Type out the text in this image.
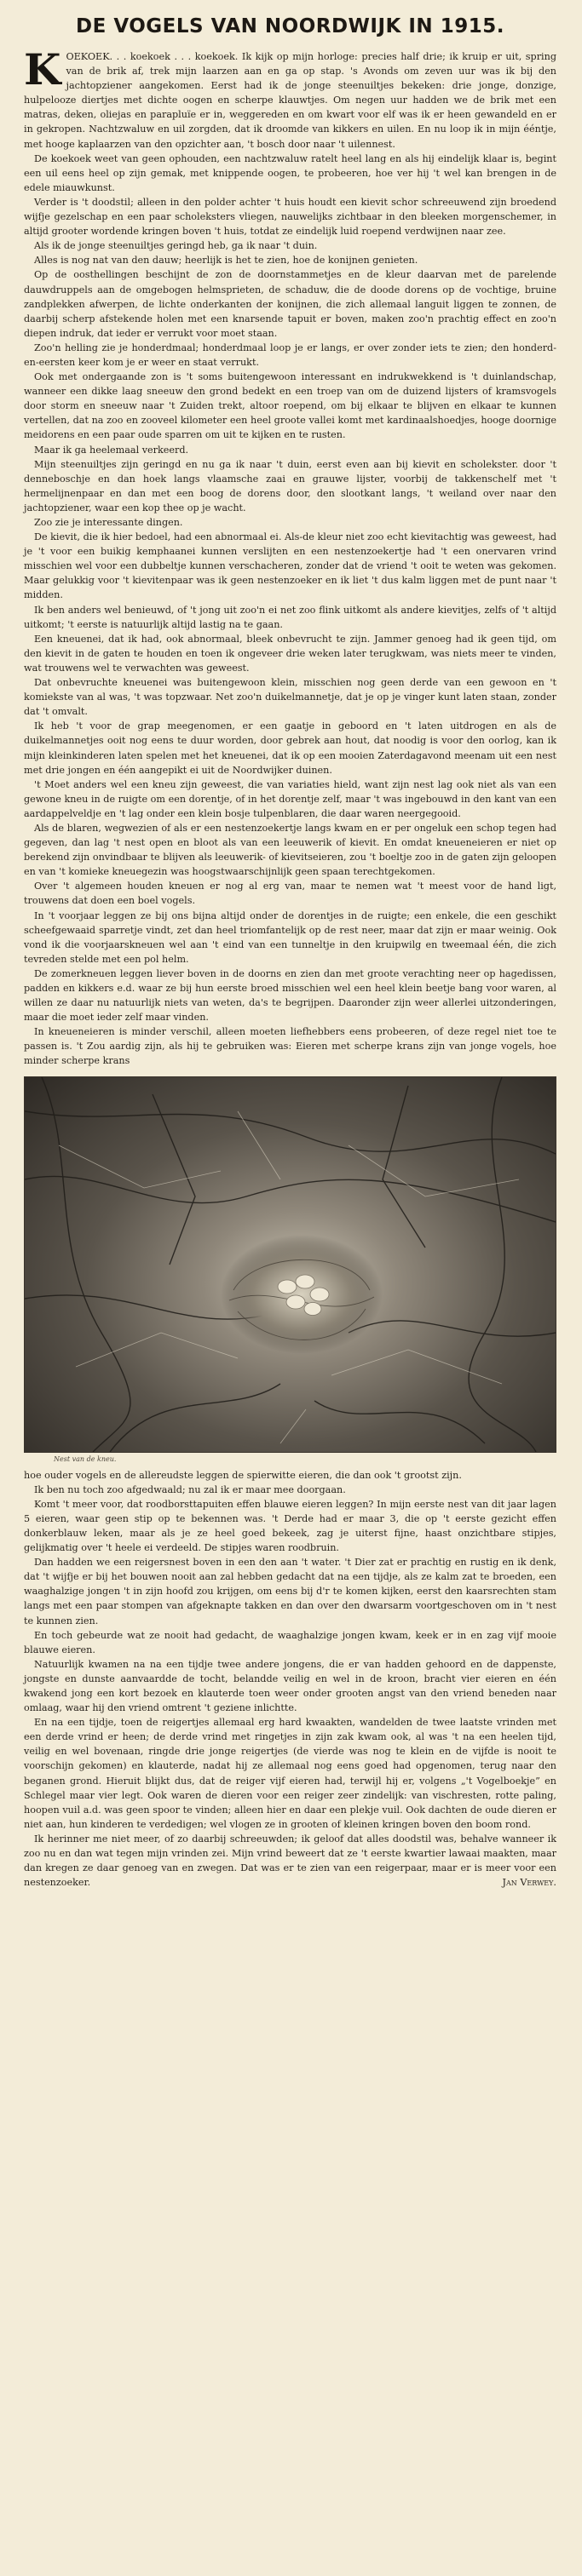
DE VOGELS VAN NOORDWIJK IN 1915.
K OEKOEK. . . koekoek . . . koekoek. Ik kijk op mijn horloge: precies half drie; ik kruip er uit, spring van de brik af, trek mijn laarzen aan en ga op stap. 's Avonds om zeven uur was ik bij den jachtopziener aangekomen. Eerst had ik de jonge steenuiltjes bekeken: drie jonge, donzige, hulpelooze diertjes met dichte oogen en scherpe klauwtjes. Om negen uur hadden we de brik met een matras, deken, oliejas en parapluïe er in, weggereden en om kwart voor elf was ik er heen gewandeld en er in gekropen. Nachtzwaluw en uil zorgden, dat ik droomde van kikkers en uilen. En nu loop ik in mijn ééntje, met hooge kaplaarzen van den opzichter aan, 't bosch door naar 't uilennest.

De koekoek weet van geen ophouden, een nachtzwaluw ratelt heel lang en als hij eindelijk klaar is, begint een uil eens heel op zijn gemak, met knippende oogen, te probeeren, hoe ver hij 't wel kan brengen in de edele miauwkunst.

Verder is 't doodstil; alleen in den polder achter 't huis houdt een kievit schor schreeuwend zijn broedend wijfje gezelschap en een paar scholeksters vliegen, nauwelijks zichtbaar in den bleeken morgenschemer, in altijd grooter wordende kringen boven 't huis, totdat ze eindelijk luid roepend verdwijnen naar zee.

Als ik de jonge steenuiltjes geringd heb, ga ik naar 't duin.

Alles is nog nat van den dauw; heerlijk is het te zien, hoe de konijnen genieten.

Op de oosthellingen beschijnt de zon de doornstammetjes en de kleur daarvan met de parelende dauwdruppels aan de omgebogen helmsprieten, de schaduw, die de doode dorens op de vochtige, bruine zandplekken afwerpen, de lichte onderkanten der konijnen, die zich allemaal languit liggen te zonnen, de daarbij scherp afstekende holen met een knarsende tapuit er boven, maken zoo'n prachtig effect en zoo'n diepen indruk, dat ieder er verrukt voor moet staan.

Zoo'n helling zie je honderdmaal; honderdmaal loop je er langs, er over zonder iets te zien; den honderd-en-eersten keer kom je er weer en staat verrukt.

Ook met ondergaande zon is 't soms buitengewoon interessant en indrukwekkend is 't duinlandschap, wanneer een dikke laag sneeuw den grond bedekt en een troep van om de duizend lijsters of kramsvogels door storm en sneeuw naar 't Zuiden trekt, altoor roepend, om bij elkaar te blijven en elkaar te kunnen vertellen, dat na zoo en zooveel kilometer een heel groote vallei komt met kardinaalshoedjes, hooge doornige meidorens en een paar oude sparren om uit te kijken en te rusten.

Maar ik ga heelemaal verkeerd.

Mijn steenuiltjes zijn geringd en nu ga ik naar 't duin, eerst even aan bij kievit en scholekster. door 't denneboschje en dan hoek langs vlaamsche zaai en grauwe lijster, voorbij de takkenschelf met 't hermelijnenpaar en dan met een boog de dorens door, den slootkant langs, 't weiland over naar den jachtopziener, waar een kop thee op je wacht.

Zoo zie je interessante dingen.

De kievit, die ik hier bedoel, had een abnormaal ei. Als-de kleur niet zoo echt kievitachtig was geweest, had je 't voor een buikig kemphaanei kunnen verslijten en een nestenzoekertje had 't een onervaren vrind misschien wel voor een dubbeltje kunnen verschacheren, zonder dat de vriend 't ooit te weten was gekomen. Maar gelukkig voor 't kievitenpaar was ik geen nestenzoeker en ik liet 't dus kalm liggen met de punt naar 't midden.

Ik ben anders wel benieuwd, of 't jong uit zoo'n ei net zoo flink uitkomt als andere kievitjes, zelfs of 't altijd uitkomt; 't eerste is natuurlijk altijd lastig na te gaan.

Een kneuenei, dat ik had, ook abnormaal, bleek onbevrucht te zijn. Jammer genoeg had ik geen tijd, om den kievit in de gaten te houden en toen ik ongeveer drie weken later terugkwam, was niets meer te vinden, wat trouwens wel te verwachten was geweest.

Dat onbevruchte kneuenei was buitengewoon klein, misschien nog geen derde van een gewoon en 't komiekste van al was, 't was topzwaar. Net zoo'n duikelmannetje, dat je op je vinger kunt laten staan, zonder dat 't omvalt.

Ik heb 't voor de grap meegenomen, er een gaatje in geboord en 't laten uitdrogen en als de duikelmannetjes ooit nog eens te duur worden, door gebrek aan hout, dat noodig is voor den oorlog, kan ik mijn kleinkinderen laten spelen met het kneuenei, dat ik op een mooien Zaterdagavond meenam uit een nest met drie jongen en één aangepikt ei uit de Noordwijker duinen.

't Moet anders wel een kneu zijn geweest, die van variaties hield, want zijn nest lag ook niet als van een gewone kneu in de ruigte om een dorentje, of in het dorentje zelf, maar 't was ingebouwd in den kant van een aardappelveldje en 't lag onder een klein bosje tulpenblaren, die daar waren neergegooid.

Als de blaren, wegwezien of als er een nestenzoekertje langs kwam en er per ongeluk een schop tegen had gegeven, dan lag 't nest open en bloot als van een leeuwerik of kievit. En omdat kneueneieren er niet op berekend zijn onvindbaar te blijven als leeuwerik- of kievitseieren, zou 't boeltje zoo in de gaten zijn geloopen en van 't komieke kneuegezin was hoogstwaarschijnlijk geen spaan terechtgekomen.

Over 't algemeen houden kneuen er nog al erg van, maar te nemen wat 't meest voor de hand ligt, trouwens dat doen een boel vogels.

In 't voorjaar leggen ze bij ons bijna altijd onder de dorentjes in de ruigte; een enkele, die een geschikt scheefgewaaid sparretje vindt, zet dan heel triomfantelijk op de rest neer, maar dat zijn er maar weinig. Ook vond ik die voorjaarskneuen wel aan 't eind van een tunneltje in den kruipwilg en tweemaal één, die zich tevreden stelde met een pol helm.

De zomerkneuen leggen liever boven in de doorns en zien dan met groote verachting neer op hagedissen, padden en kikkers e.d. waar ze bij hun eerste broed misschien wel een heel klein beetje bang voor waren, al willen ze daar nu natuurlijk niets van weten, da's te begrijpen. Daaronder zijn weer allerlei uitzonderingen, maar die moet ieder zelf maar vinden.

In kneueneieren is minder verschil, alleen moeten liefhebbers eens probeeren, of deze regel niet toe te passen is. 't Zou aardig zijn, als hij te gebruiken was: Eieren met scherpe krans zijn van jonge vogels, hoe minder scherpe krans

Nest van de kneu.

hoe ouder vogels en de allereudste leggen de spierwitte eieren, die dan ook 't grootst zijn.

Ik ben nu toch zoo afgedwaald; nu zal ik er maar mee doorgaan.

Komt 't meer voor, dat roodborsttapuiten effen blauwe eieren leggen? In mijn eerste nest van dit jaar lagen 5 eieren, waar geen stip op te bekennen was. 't Derde had er maar 3, die op 't eerste gezicht effen donkerblauw leken, maar als je ze heel goed bekeek, zag je uiterst fijne, haast onzichtbare stipjes, gelijkmatig over 't heele ei verdeeld. De stipjes waren roodbruin.

Dan hadden we een reigersnest boven in een den aan 't water. 't Dier zat er prachtig en rustig en ik denk, dat 't wijfje er bij het bouwen nooit aan zal hebben gedacht dat na een tijdje, als ze kalm zat te broeden, een waaghalzige jongen 't in zijn hoofd zou krijgen, om eens bij d'r te komen kijken, eerst den kaarsrechten stam langs met een paar stompen van afgeknapte takken en dan over den dwarsarm voortgeschoven om in 't nest te kunnen zien.

En toch gebeurde wat ze nooit had gedacht, de waaghalzige jongen kwam, keek er in en zag vijf mooie blauwe eieren.

Natuurlijk kwamen na na een tijdje twee andere jongens, die er van hadden gehoord en de dappenste, jongste en dunste aanvaardde de tocht, belandde veilig en wel in de kroon, bracht vier eieren en één kwakend jong een kort bezoek en klauterde toen weer onder grooten angst van den vriend beneden naar omlaag, waar hij den vriend omtrent 't geziene inlichtte.

En na een tijdje, toen de reigertjes allemaal erg hard kwaakten, wandelden de twee laatste vrinden met een derde vrind er heen; de derde vrind met ringetjes in zijn zak kwam ook, al was 't na een heelen tijd, veilig en wel bovenaan, ringde drie jonge reigertjes (de vierde was nog te klein en de vijfde is nooit te voorschijn gekomen) en klauterde, nadat hij ze allemaal nog eens goed had opgenomen, terug naar den beganen grond. Hieruit blijkt dus, dat de reiger vijf eieren had, terwijl hij er, volgens „'t Vogelboekje” en Schlegel maar vier legt. Ook waren de dieren voor een reiger zeer zindelijk: van vischresten, rotte paling, hoopen vuil a.d. was geen spoor te vinden; alleen hier en daar een plekje vuil. Ook dachten de oude dieren er niet aan, hun kinderen te verdedigen; wel vlogen ze in grooten of kleinen kringen boven den boom rond.

Ik herinner me niet meer, of zo daarbij schreeuwden; ik geloof dat alles doodstil was, behalve wanneer ik zoo nu en dan wat tegen mijn vrinden zei. Mijn vrind beweert dat ze 't eerste kwartier lawaai maakten, maar dan kregen ze daar genoeg van en zwegen. Dat was er te zien van een reigerpaar, maar er is meer voor een nestenzoeker.	Jan Verwey.
